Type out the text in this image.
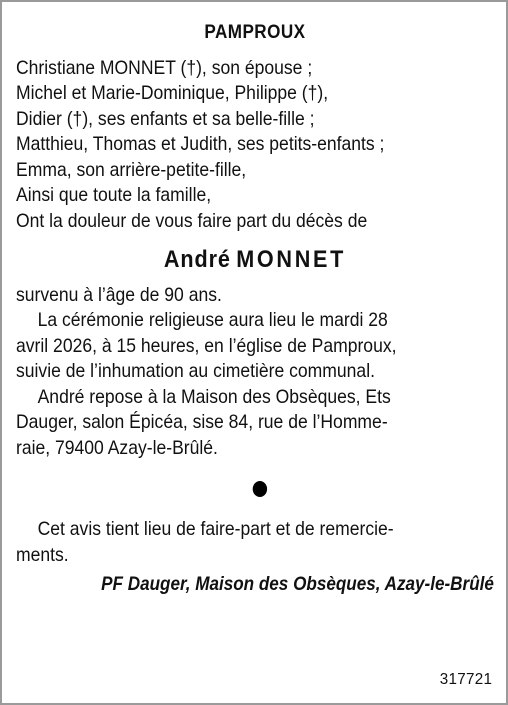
PAMPROUX
Christiane MONNET (†), son épouse ;
Michel et Marie-Dominique, Philippe (†),
Didier (†), ses enfants et sa belle-fille ;
Matthieu, Thomas et Judith, ses petits-enfants ;
Emma, son arrière-petite-fille,
Ainsi que toute la famille,
Ont la douleur de vous faire part du décès de
André MONNET
survenu à l’âge de 90 ans.
La cérémonie religieuse aura lieu le mardi 28
avril 2026, à 15 heures, en l’église de Pamproux,
suivie de l’inhumation au cimetière communal.
André repose à la Maison des Obsèques, Ets
Dauger, salon Épicéa, sise 84, rue de l’Homme-
raie, 79400 Azay-le-Brûlé.
Cet avis tient lieu de faire-part et de remercie-
ments.
PF Dauger, Maison des Obsèques, Azay-le-Brûlé
317721
